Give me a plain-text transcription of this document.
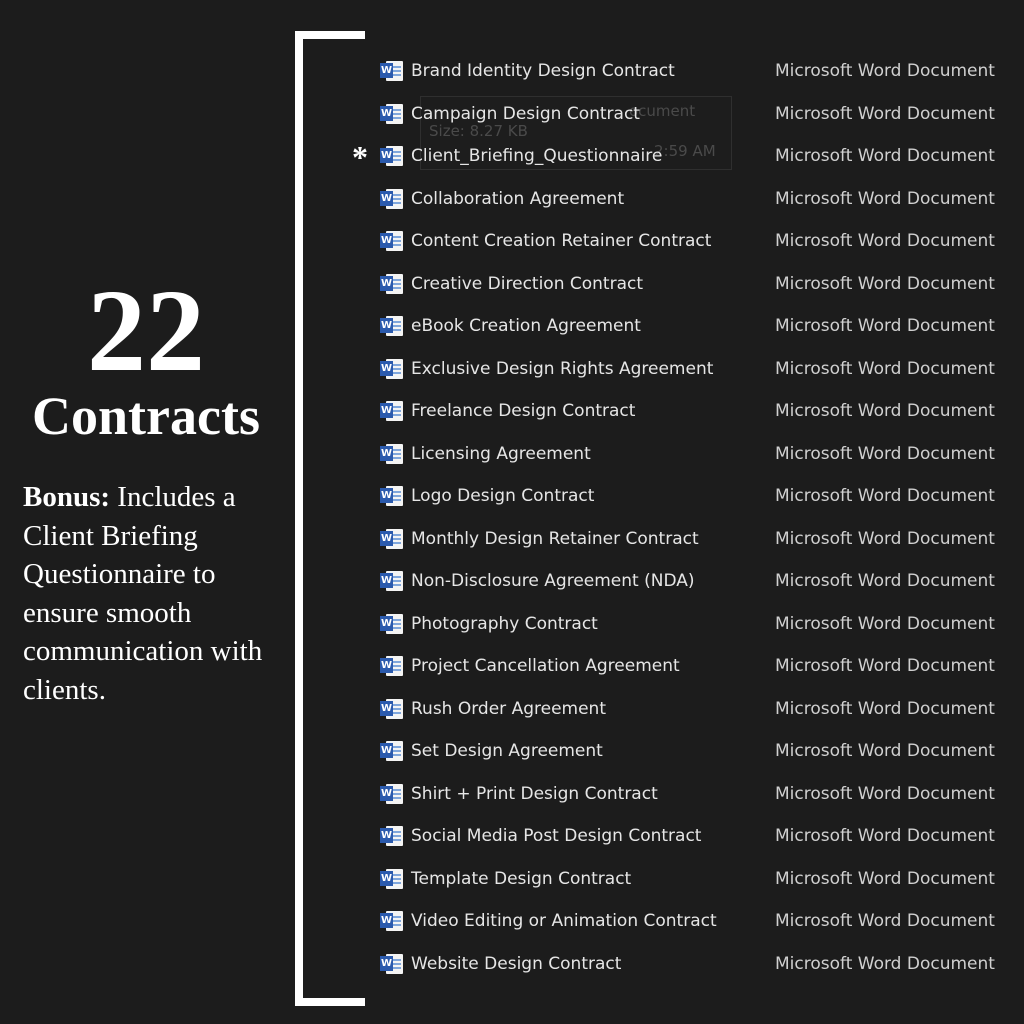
22
Contracts
Bonus: Includes a Client Briefing Questionnaire to ensure smooth communication with clients.
ocument
Size: 8.27 KB
2:59 AM
W Brand Identity Design Contract	Microsoft Word Document
W Campaign Design Contract	Microsoft Word Document
* W Client_Briefing_Questionnaire	Microsoft Word Document
W Collaboration Agreement	Microsoft Word Document
W Content Creation Retainer Contract	Microsoft Word Document
W Creative Direction Contract	Microsoft Word Document
W eBook Creation Agreement	Microsoft Word Document
W Exclusive Design Rights Agreement	Microsoft Word Document
W Freelance Design Contract	Microsoft Word Document
W Licensing Agreement	Microsoft Word Document
W Logo Design Contract	Microsoft Word Document
W Monthly Design Retainer Contract	Microsoft Word Document
W Non-Disclosure Agreement (NDA)	Microsoft Word Document
W Photography Contract	Microsoft Word Document
W Project Cancellation Agreement	Microsoft Word Document
W Rush Order Agreement	Microsoft Word Document
W Set Design Agreement	Microsoft Word Document
W Shirt + Print Design Contract	Microsoft Word Document
W Social Media Post Design Contract	Microsoft Word Document
W Template Design Contract	Microsoft Word Document
W Video Editing or Animation Contract	Microsoft Word Document
W Website Design Contract	Microsoft Word Document
